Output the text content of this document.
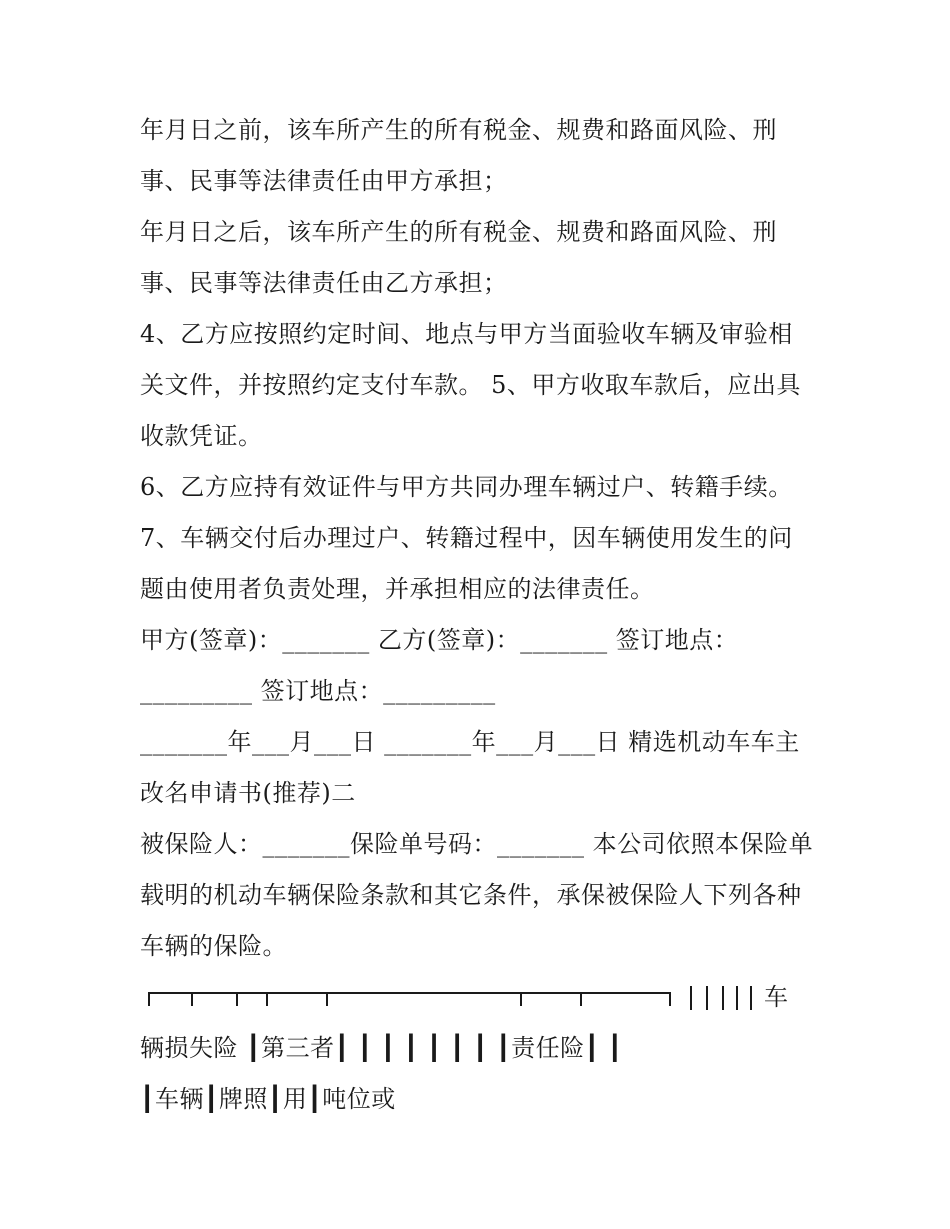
年月日之前，该车所产生的所有税金、规费和路面风险、刑
事、民事等法律责任由甲方承担；
年月日之后，该车所产生的所有税金、规费和路面风险、刑
事、民事等法律责任由乙方承担；
4、乙方应按照约定时间、地点与甲方当面验收车辆及审验相
关文件，并按照约定支付车款。 5、甲方收取车款后，应出具
收款凭证。
6、乙方应持有效证件与甲方共同办理车辆过户、转籍手续。
7、车辆交付后办理过户、转籍过程中，因车辆使用发生的问
题由使用者负责处理，并承担相应的法律责任。
甲方(签章)：_______ 乙方(签章)：_______ 签订地点：
_________ 签订地点：_________
_______年___月___日 _______年___月___日 精选机动车车主
改名申请书(推荐)二
被保险人：_______保险单号码：_______ 本公司依照本保险单
载明的机动车辆保险条款和其它条件，承保被保险人下列各种
车辆的保险。
车
辆损失险 ┃第三者┃ ┃ ┃ ┃ ┃ ┃ ┃ ┃责任险┃ ┃
┃车辆┃牌照┃用┃吨位或
